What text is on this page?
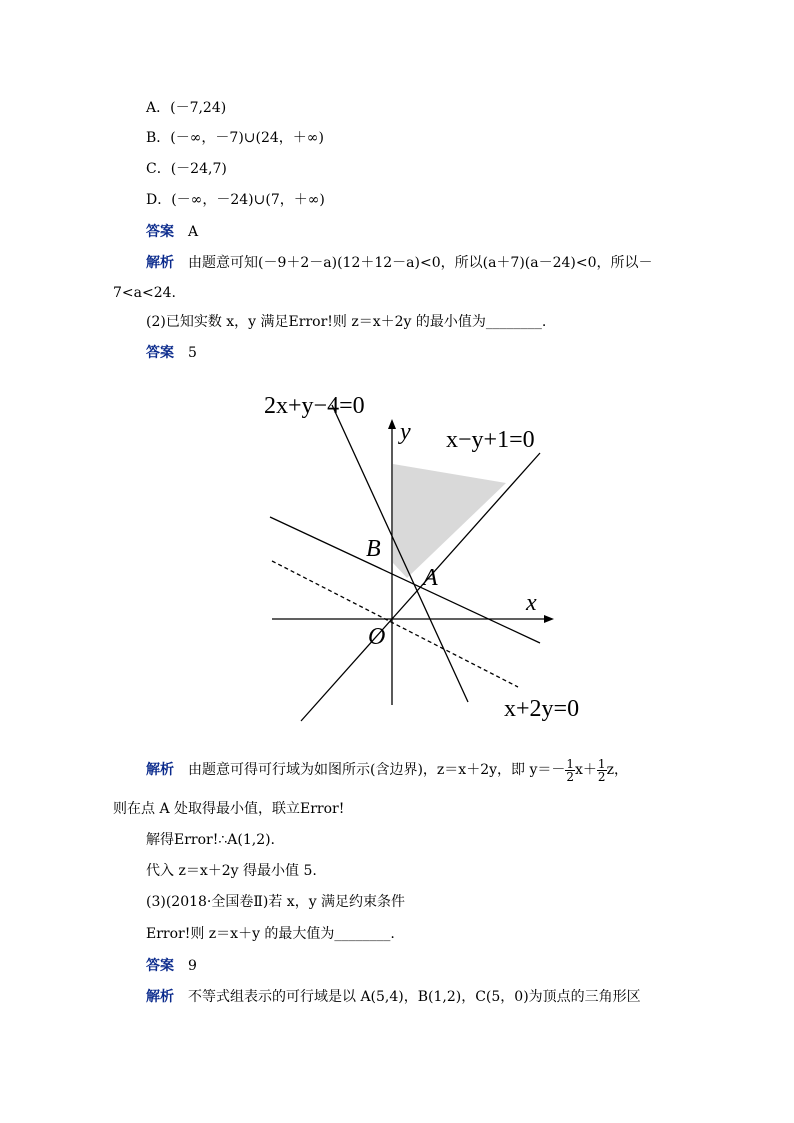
A．(－7,24)
B．(－∞，－7)∪(24，＋∞)
C．(－24,7)
D．(－∞，－24)∪(7，＋∞)
答案 A
解析 由题意可知(－9＋2－a)(12＋12－a)<0，所以(a＋7)(a－24)<0，所以－
7<a<24.
(2)已知实数 x，y 满足Error!则 z＝x＋2y 的最小值为________.
答案 5
2x+y−4=0
x−y+1=0
x+2y=0
y
x
O
A
B
解析 由题意可得可行域为如图所示(含边界)，z＝x＋2y，即 $y=- \frac{1}{2} x+ \frac{1}{2}$ z，
则在点 A 处取得最小值，联立Error!
解得Error!∴A(1,2).
代入 z＝x＋2y 得最小值 5.
(3)(2018·全国卷Ⅱ)若 x，y 满足约束条件
Error!则 z＝x＋y 的最大值为________.
答案 9
解析 不等式组表示的可行域是以 A(5,4)，B(1,2)，C(5，0)为顶点的三角形区
